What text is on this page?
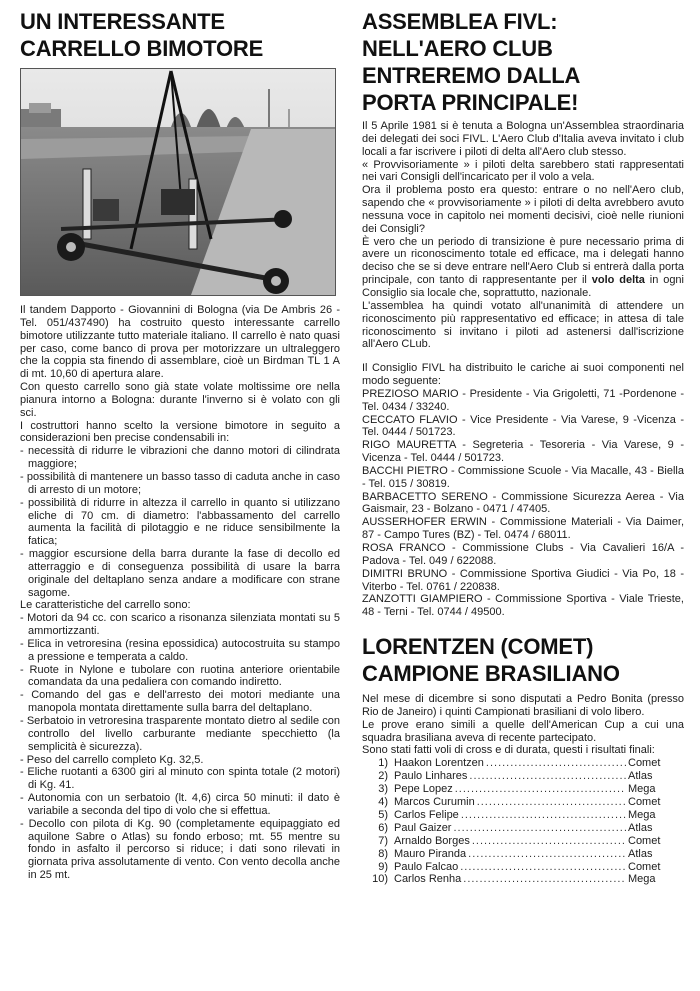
UN INTERESSANTE
CARRELLO BIMOTORE

Il tandem Dapporto - Giovannini di Bologna (via De Ambris 26 - Tel. 051/437490) ha costruito questo interessante carrello bimotore utilizzante tutto materiale italiano. Il carrello è nato quasi per caso, come banco di prova per motorizzare un ultraleggero che la coppia sta finendo di assemblare, cioè un Birdman TL 1 A di mt. 10,60 di apertura alare.

Con questo carrello sono già state volate moltissime ore nella pianura intorno a Bologna: durante l'inverno si è volato con gli sci.

I costruttori hanno scelto la versione bimotore in seguito a considerazioni ben precise condensabili in:

- necessità di ridurre le vibrazioni che danno motori di cilindrata maggiore;
- possibilità di mantenere un basso tasso di caduta anche in caso di arresto di un motore;
- possibilità di ridurre in altezza il carrello in quanto si utilizzano eliche di 70 cm. di diametro: l'abbassamento del carrello aumenta la facilità di pilotaggio e ne riduce sensibilmente la fatica;
- maggior escursione della barra durante la fase di decollo ed atterraggio e di conseguenza possibilità di usare la barra originale del deltaplano senza andare a modificare con strane sagome.

Le caratteristiche del carrello sono:

- Motori da 94 cc. con scarico a risonanza silenziata montati su 5 ammortizzanti.
- Elica in vetroresina (resina epossidica) autocostruita su stampo a pressione e temperata a caldo.
- Ruote in Nylone e tubolare con ruotina anteriore orientabile comandata da una pedaliera con comando indiretto.
- Comando del gas e dell'arresto dei motori mediante una manopola montata direttamente sulla barra del deltaplano.
- Serbatoio in vetroresina trasparente montato dietro al sedile con controllo del livello carburante mediante specchietto (la semplicità è sicurezza).
- Peso del carrello completo Kg. 32,5.
- Eliche ruotanti a 6300 giri al minuto con spinta totale (2 motori) di Kg. 41.
- Autonomia con un serbatoio (lt. 4,6) circa 50 minuti: il dato è variabile a seconda del tipo di volo che si effettua.
- Decollo con pilota di Kg. 90 (completamente equipaggiato ed aquilone Sabre o Atlas) su fondo erboso; mt. 55 mentre su fondo in asfalto il percorso si riduce; i dati sono rilevati in giornata priva assolutamente di vento. Con vento decolla anche in 25 mt.
ASSEMBLEA FIVL:
NELL'AERO CLUB
ENTREREMO DALLA
PORTA PRINCIPALE!

Il 5 Aprile 1981 si è tenuta a Bologna un'Assemblea straordinaria dei delegati dei soci FIVL. L'Aero Club d'Italia aveva invitato i club locali a far iscrivere i piloti di delta all'Aero club stesso.

« Provvisoriamente » i piloti delta sarebbero stati rappresentati nei vari Consigli dell'incaricato per il volo a vela.

Ora il problema posto era questo: entrare o no nell'Aero club, sapendo che « provvisoriamente » i piloti di delta avrebbero avuto nessuna voce in capitolo nei momenti decisivi, cioè nelle riunioni dei Consigli?

È vero che un periodo di transizione è pure necessario prima di avere un riconoscimento totale ed efficace, ma i delegati hanno deciso che se si deve entrare nell'Aero Club si entrerà dalla porta principale, con tanto di rappresentante per il volo delta in ogni Consiglio sia locale che, soprattutto, nazionale.

L'assemblea ha quindi votato all'unanimità di attendere un riconoscimento più rappresentativo ed efficace; in attesa di tale riconoscimento si invitano i piloti ad astenersi dall'iscrizione all'Aero CLub.

Il Consiglio FIVL ha distribuito le cariche ai suoi componenti nel modo seguente:

PREZIOSO MARIO - Presidente - Via Grigoletti, 71 -Pordenone - Tel. 0434 / 33240.

CECCATO FLAVIO - Vice Presidente - Via Varese, 9 -Vicenza - Tel. 0444 / 501723.

RIGO MAURETTA - Segreteria - Tesoreria - Via Varese, 9 - Vicenza - Tel. 0444 / 501723.

BACCHI PIETRO - Commissione Scuole - Via Macalle, 43 - Biella - Tel. 015 / 30819.

BARBACETTO SERENO - Commissione Sicurezza Aerea - Via Gaismair, 23 - Bolzano - 0471 / 47405.

AUSSERHOFER ERWIN - Commissione Materiali - Via Daimer, 87 - Campo Tures (BZ) - Tel. 0474 / 68011.

ROSA FRANCO - Commissione Clubs - Via Cavalieri 16/A - Padova - Tel. 049 / 622088.

DIMITRI BRUNO - Commissione Sportiva Giudici - Via Po, 18 - Viterbo - Tel. 0761 / 220838.

ZANZOTTI GIAMPIERO - Commissione Sportiva - Viale Trieste, 48 - Terni - Tel. 0744 / 49500.

LORENTZEN (COMET)
CAMPIONE BRASILIANO

Nel mese di dicembre si sono disputati a Pedro Bonita (presso Rio de Janeiro) i quinti Campionati brasiliani di volo libero.

Le prove erano simili a quelle dell'American Cup a cui una squadra brasiliana aveva di recente partecipato.

Sono stati fatti voli di cross e di durata, questi i risultati finali:

1) Haakon Lorentzen .....	Comet
2) Paulo Linhares .....	Atlas
3) Pepe Lopez .....	Mega
4) Marcos Curumin .....	Comet
5) Carlos Felipe .....	Mega
6) Paul Gaizer .....	Atlas
7) Arnaldo Borges .....	Comet
8) Mauro Piranda .....	Atlas
9) Paulo Falcao .....	Comet
10) Carlos Renha .....	Mega
